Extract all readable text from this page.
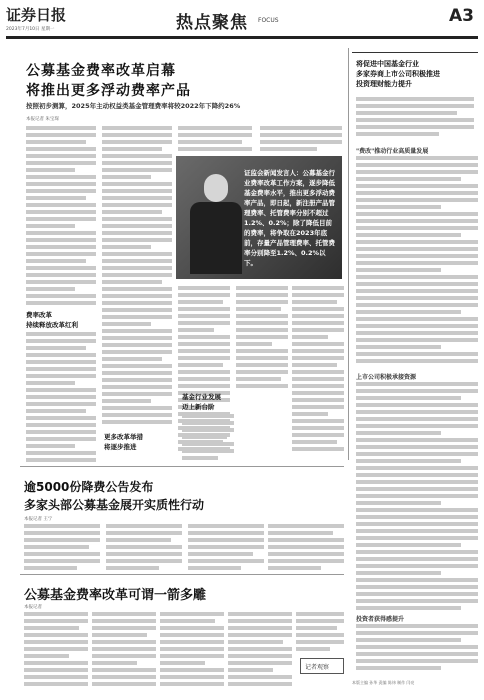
证券日报
2023年7月10日 星期一	热点聚焦 FOCUS	A3
公募基金费率改革启幕
将推出更多浮动费率产品
按照初步测算，2025年主动权益类基金管理费率将较2022年下降约26%
本报记者 朱宝琛
费率改革
持续释放改革红利
证监会新闻发言人：公募基金行业费率改革工作方案，逐步降低基金费率水平，推出更多浮动费率产品，即日起，新注册产品管理费率、托管费率分别不超过1.2%、0.2%；除了降低目前的费率，将争取在2023年底前，存量产品管理费率、托管费率分别降至1.2%、0.2%以下。
更多改革举措
将逐步推进
基金行业发展
迈上新台阶
将促进中国基金行业
多家券商上市公司积极推进
投资理财能力提升
"费改"推动行业高质量发展
上市公司积极承接资源
投资者获得感提升
逾5000份降费公告发布
多家头部公募基金展开实质性行动
本报记者 王宁
公募基金费率改革可谓一箭多雕
本报记者
记者观察
本版主编 孙华 责编 陈炜 制作 闫亮
